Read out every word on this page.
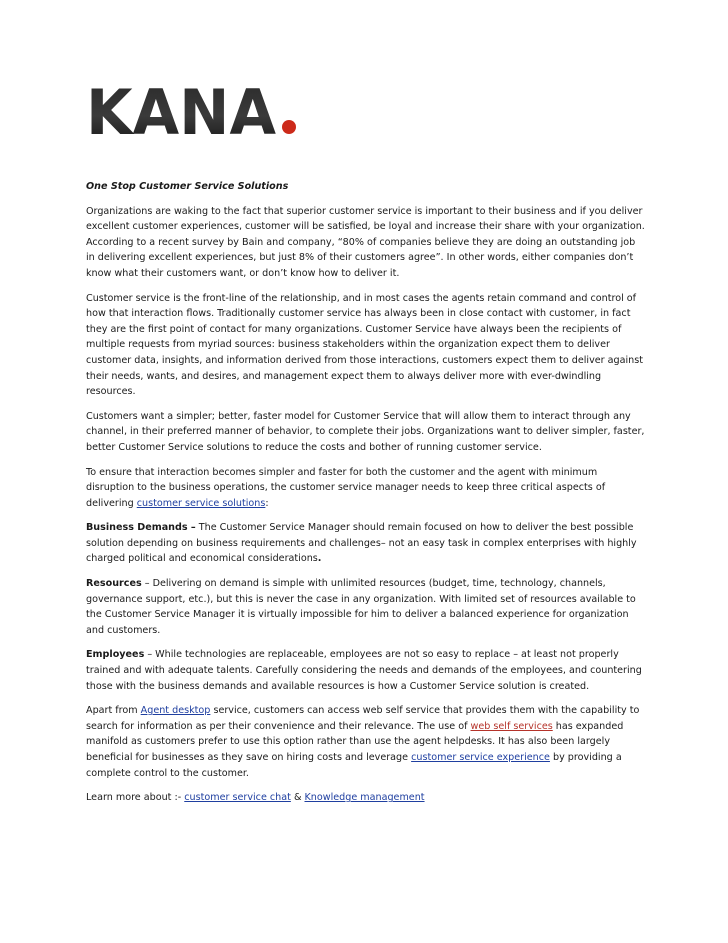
KANA
One Stop Customer Service Solutions

Organizations are waking to the fact that superior customer service is important to their business and if you deliver excellent customer experiences, customer will be satisfied, be loyal and increase their share with your organization. According to a recent survey by Bain and company, “80% of companies believe they are doing an outstanding job in delivering excellent experiences, but just 8% of their customers agree”. In other words, either companies don’t know what their customers want, or don’t know how to deliver it.

Customer service is the front-line of the relationship, and in most cases the agents retain command and control of how that interaction flows. Traditionally customer service has always been in close contact with customer, in fact they are the first point of contact for many organizations. Customer Service have always been the recipients of multiple requests from myriad sources: business stakeholders within the organization expect them to deliver customer data, insights, and information derived from those interactions, customers expect them to deliver against their needs, wants, and desires, and management expect them to always deliver more with ever-dwindling resources.

Customers want a simpler; better, faster model for Customer Service that will allow them to interact through any channel, in their preferred manner of behavior, to complete their jobs. Organizations want to deliver simpler, faster, better Customer Service solutions to reduce the costs and bother of running customer service.

To ensure that interaction becomes simpler and faster for both the customer and the agent with minimum disruption to the business operations, the customer service manager needs to keep three critical aspects of delivering customer service solutions:

Business Demands – The Customer Service Manager should remain focused on how to deliver the best possible solution depending on business requirements and challenges– not an easy task in complex enterprises with highly charged political and economical considerations.

Resources – Delivering on demand is simple with unlimited resources (budget, time, technology, channels, governance support, etc.), but this is never the case in any organization. With limited set of resources available to the Customer Service Manager it is virtually impossible for him to deliver a balanced experience for organization and customers.

Employees – While technologies are replaceable, employees are not so easy to replace – at least not properly trained and with adequate talents. Carefully considering the needs and demands of the employees, and countering those with the business demands and available resources is how a Customer Service solution is created.

Apart from Agent desktop service, customers can access web self service that provides them with the capability to search for information as per their convenience and their relevance. The use of web self services has expanded manifold as customers prefer to use this option rather than use the agent helpdesks. It has also been largely beneficial for businesses as they save on hiring costs and leverage customer service experience by providing a complete control to the customer.

Learn more about :- customer service chat & Knowledge management
